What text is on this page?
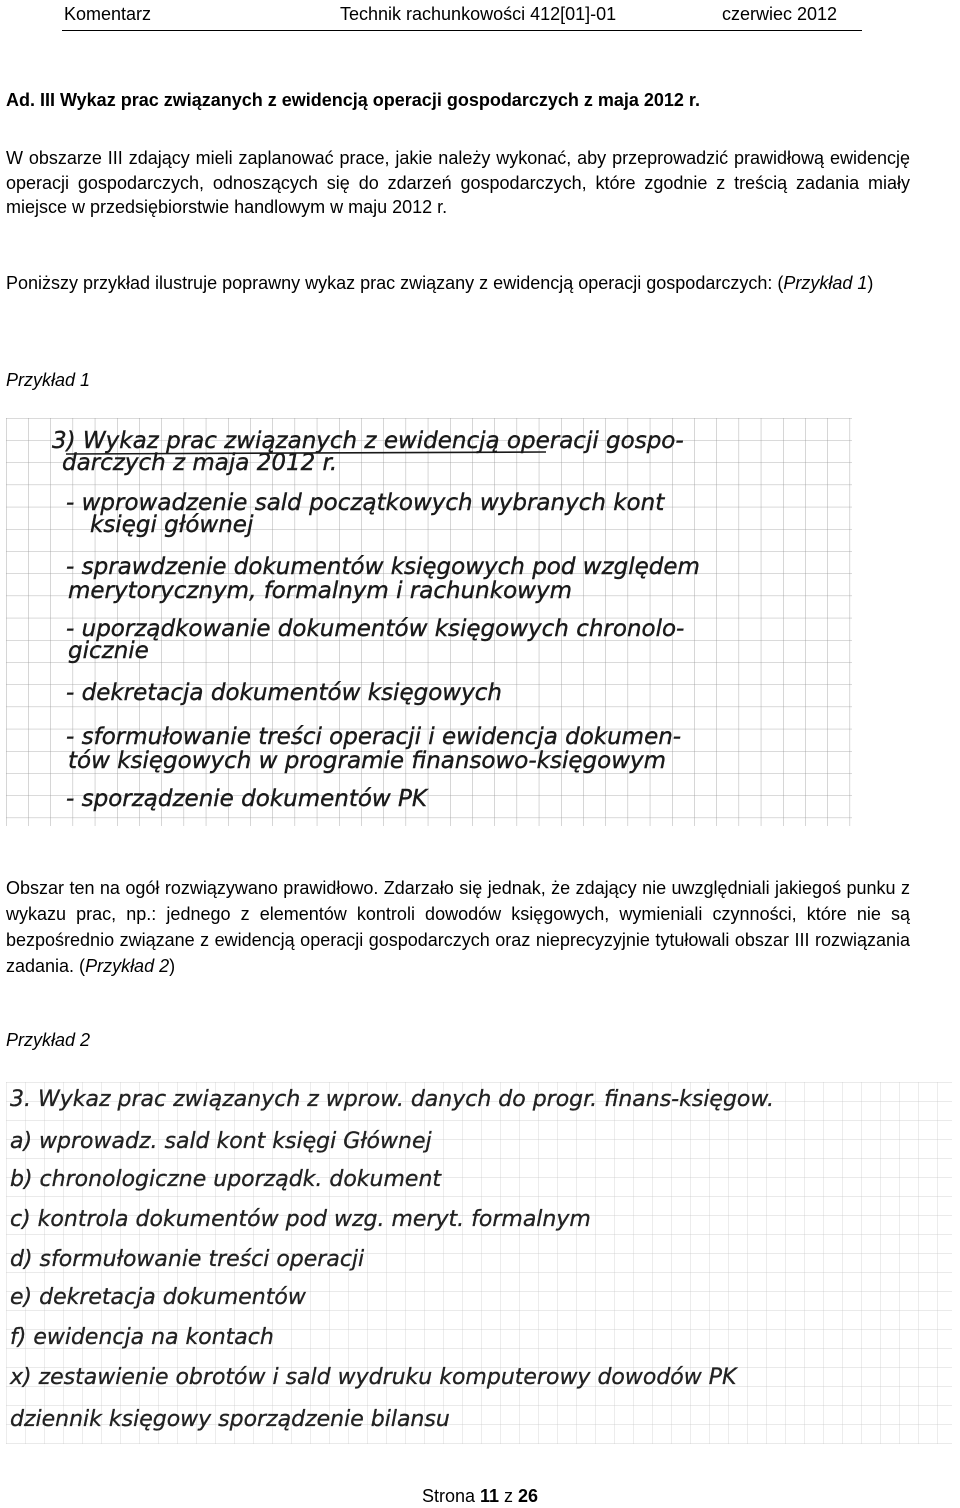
Komentarz	Technik rachunkowości 412[01]-01	czerwiec 2012
Ad. III Wykaz prac związanych z ewidencją operacji gospodarczych z maja 2012 r.

W obszarze III zdający mieli zaplanować prace, jakie należy wykonać, aby przeprowadzić prawidłową ewidencję operacji gospodarczych, odnoszących się do zdarzeń gospodarczych, które zgodnie z treścią zadania miały miejsce w przedsiębiorstwie handlowym w maju 2012 r.

Poniższy przykład ilustruje poprawny wykaz prac związany z ewidencją operacji gospodarczych: (Przykład 1)

Przykład 1
3) Wykaz prac związanych z ewidencją operacji gospo-
darczych z maja 2012 r.
- wprowadzenie sald początkowych wybranych kont
księgi głównej
- sprawdzenie dokumentów księgowych pod względem
merytorycznym, formalnym i rachunkowym
- uporządkowanie dokumentów księgowych chronolo-
gicznie
- dekretacja dokumentów księgowych
- sformułowanie treści operacji i ewidencja dokumen-
tów księgowych w programie finansowo-księgowym
- sporządzenie dokumentów PK

Obszar ten na ogół rozwiązywano prawidłowo. Zdarzało się jednak, że zdający nie uwzględniali jakiegoś punku z wykazu prac, np.: jednego z elementów kontroli dowodów księgowych, wymieniali czynności, które nie są bezpośrednio związane z ewidencją operacji gospodarczych oraz nieprecyzyjnie tytułowali obszar III rozwiązania zadania. (Przykład 2)

Przykład 2
3. Wykaz prac związanych z wprow. danych do progr. finans-księgow.
a) wprowadz. sald kont księgi Głównej
b) chronologiczne uporządk. dokument
c) kontrola dokumentów pod wzg. meryt. formalnym
d) sformułowanie treści operacji
e) dekretacja dokumentów
f) ewidencja na kontach
x) zestawienie obrotów i sald wydruku komputerowy dowodów PK
dziennik księgowy sporządzenie bilansu
Strona 11 z 26
